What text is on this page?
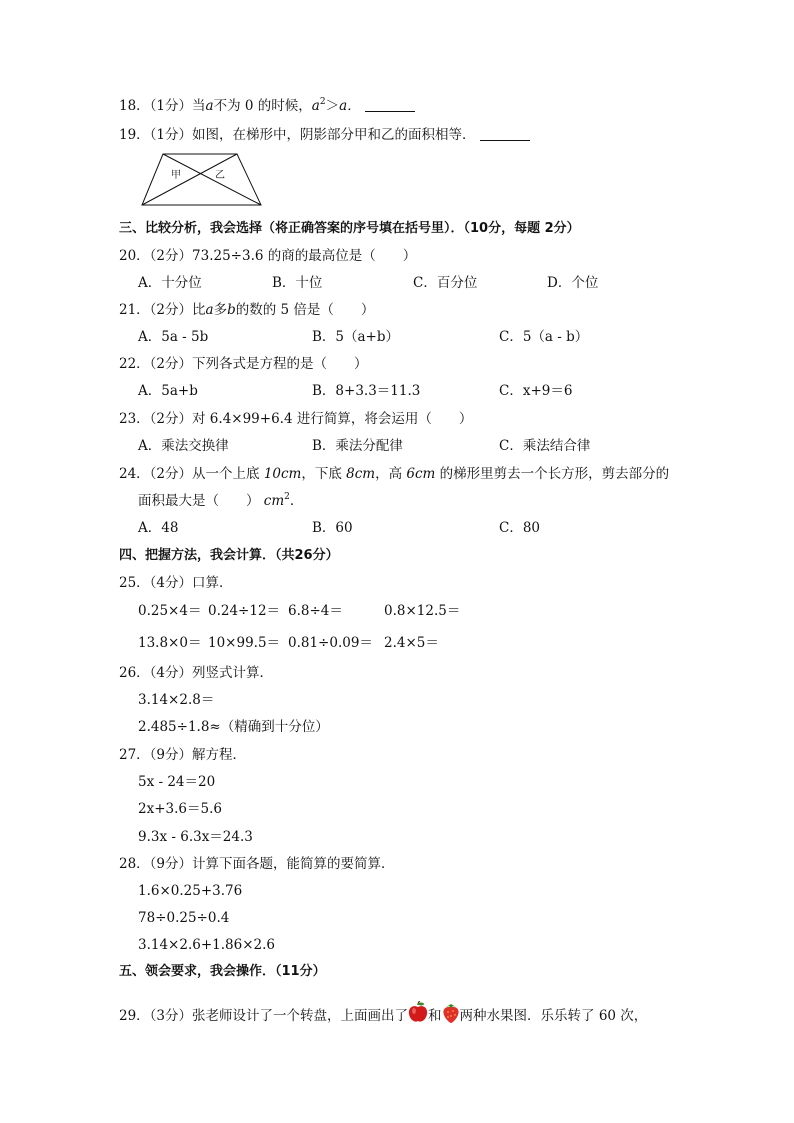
18．（1分）当a不为 0 的时候，$a^2>a$．
19．（1分）如图，在梯形中，阴影部分甲和乙的面积相等．
甲	乙
三、比较分析，我会选择（将正确答案的序号填在括号里）．（10分，每题 2分）
20．（2分）73.25÷3.6 的商的最高位是（　　）
A．十分位	B．十位	C．百分位	D．个位
21．（2分）比a多b的数的 5 倍是（　　）
A．5a - 5b	B．5（a+b）	C．5（a - b）
22．（2分）下列各式是方程的是（　　）
A．5a+b	B．8+3.3＝11.3	C．x+9＝6
23．（2分）对 6.4×99+6.4 进行简算，将会运用（　　）
A．乘法交换律	B．乘法分配律	C．乘法结合律
24．（2分）从一个上底 10cm，下底 8cm，高 6cm 的梯形里剪去一个长方形，剪去部分的
面积最大是（　　） $cm^2$．
A．48	B．60	C．80
四、把握方法，我会计算．（共26分）
25．（4分）口算．
0.25×4＝ 0.24÷12＝ 6.8÷4＝	0.8×12.5＝
13.8×0＝ 10×99.5＝ 0.81÷0.09＝ 2.4×5＝
26．（4分）列竖式计算．
3.14×2.8＝
2.485÷1.8≈（精确到十分位）
27．（9分）解方程．
5x - 24＝20
2x+3.6＝5.6
9.3x - 6.3x＝24.3
28．（9分）计算下面各题，能简算的要简算．
1.6×0.25+3.76
78÷0.25÷0.4
3.14×2.6+1.86×2.6
五、领会要求，我会操作．（11分）
29．（3分）张老师设计了一个转盘，上面画出了 和 两种水果图．乐乐转了 60 次，
